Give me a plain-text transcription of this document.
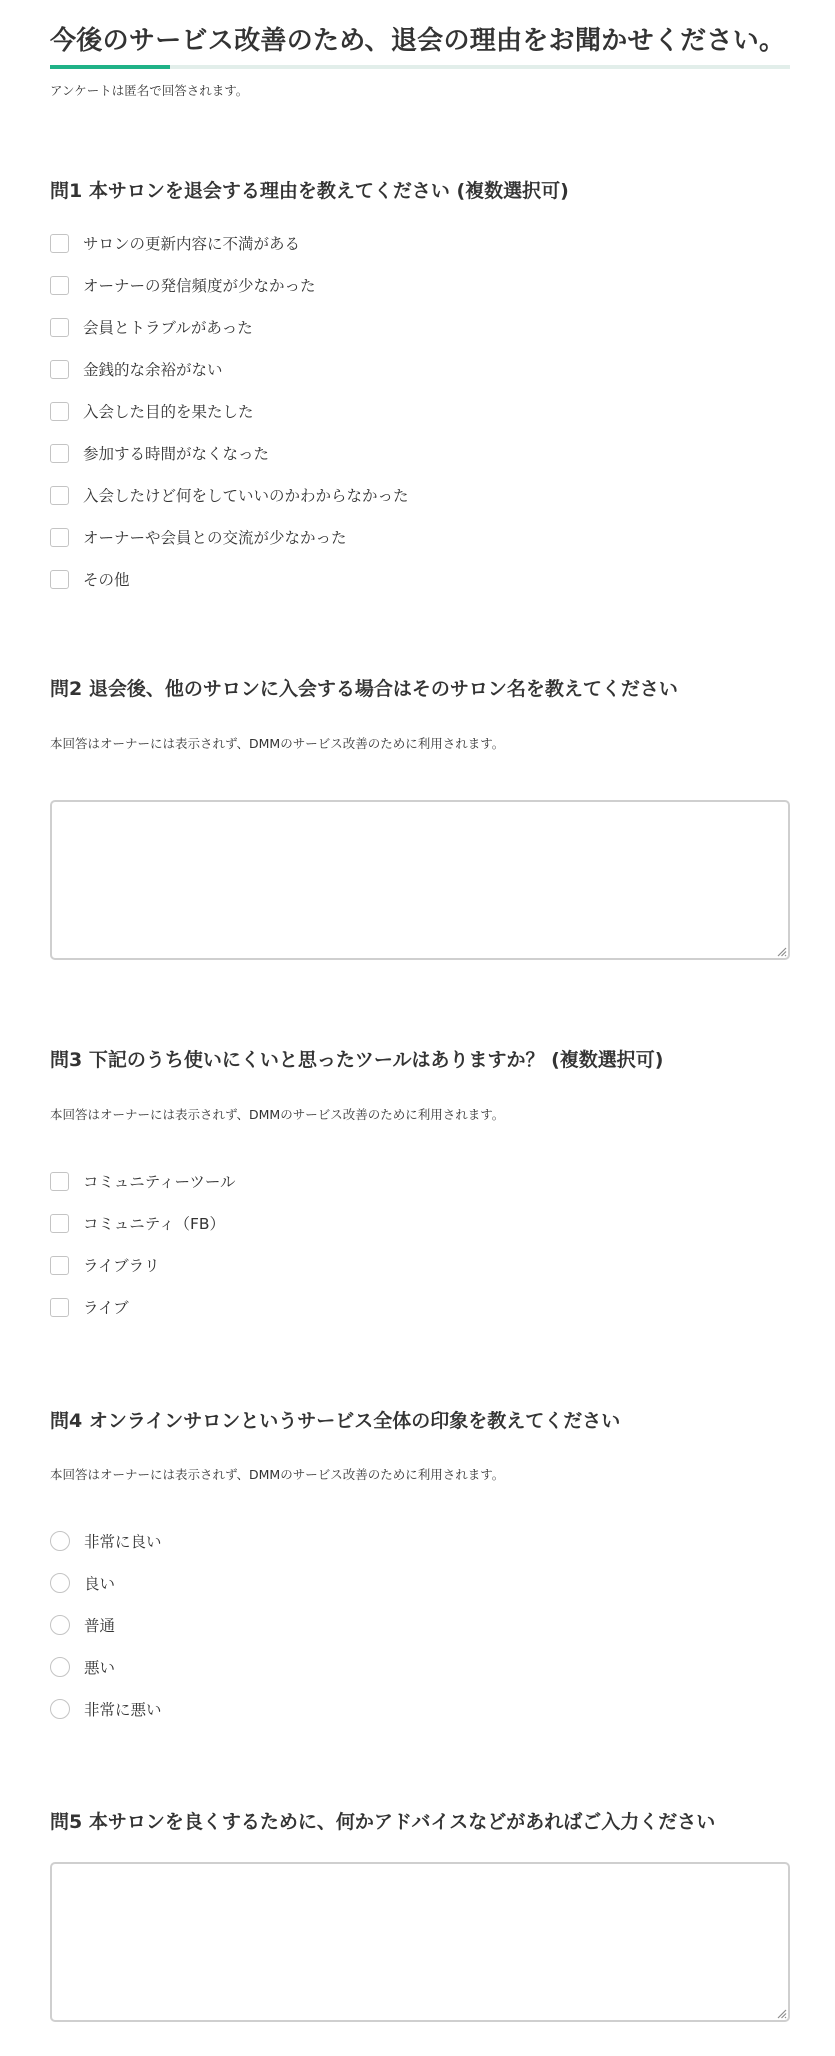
今後のサービス改善のため、退会の理由をお聞かせください。
アンケートは匿名で回答されます。
問1 本サロンを退会する理由を教えてください (複数選択可)
サロンの更新内容に不満がある
オーナーの発信頻度が少なかった
会員とトラブルがあった
金銭的な余裕がない
入会した目的を果たした
参加する時間がなくなった
入会したけど何をしていいのかわからなかった
オーナーや会員との交流が少なかった
その他
問2 退会後、他のサロンに入会する場合はそのサロン名を教えてください
本回答はオーナーには表示されず、DMMのサービス改善のために利用されます。
問3 下記のうち使いにくいと思ったツールはありますか？ (複数選択可)
本回答はオーナーには表示されず、DMMのサービス改善のために利用されます。
コミュニティーツール
コミュニティ（FB）
ライブラリ
ライブ
問4 オンラインサロンというサービス全体の印象を教えてください
本回答はオーナーには表示されず、DMMのサービス改善のために利用されます。
非常に良い
良い
普通
悪い
非常に悪い
問5 本サロンを良くするために、何かアドバイスなどがあればご入力ください
